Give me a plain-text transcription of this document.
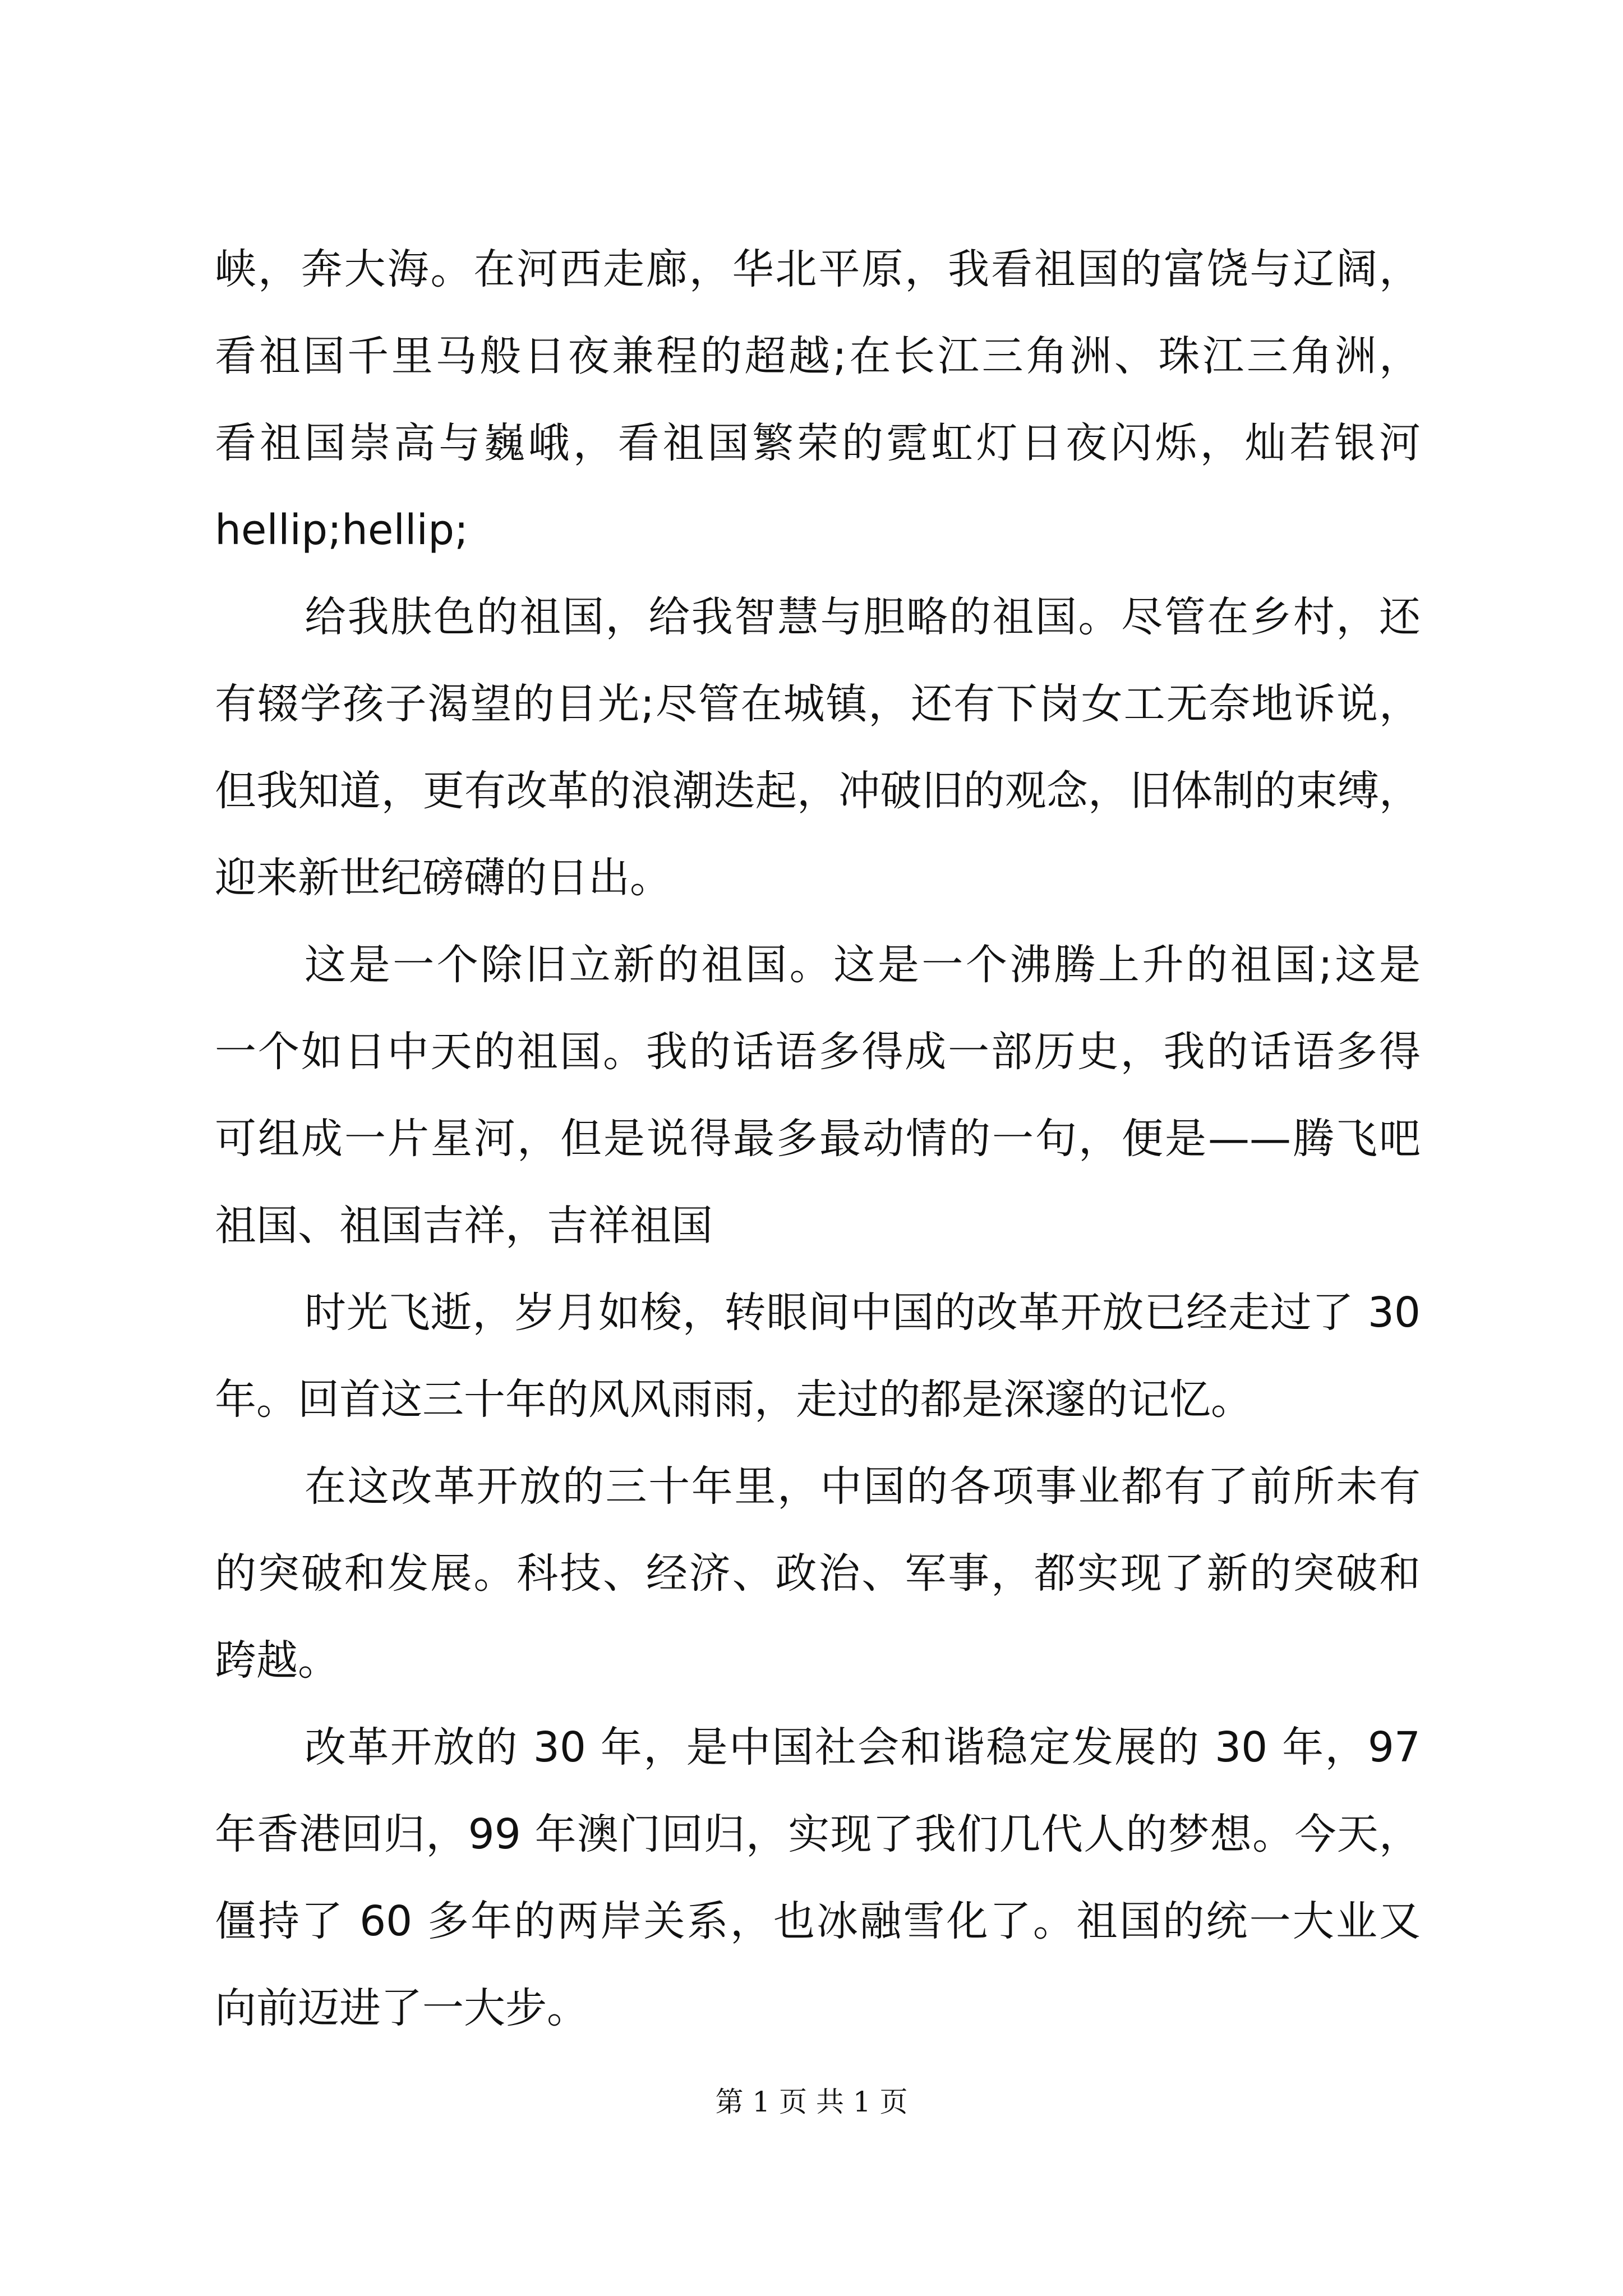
峡，奔大海。在河西走廊，华北平原，我看祖国的富饶与辽阔，
看祖国千里马般日夜兼程的超越;在长江三角洲、珠江三角洲，
看祖国崇高与巍峨，看祖国繁荣的霓虹灯日夜闪烁，灿若银河
hellip;hellip;
给我肤色的祖国，给我智慧与胆略的祖国。尽管在乡村，还
有辍学孩子渴望的目光;尽管在城镇，还有下岗女工无奈地诉说，
但我知道，更有改革的浪潮迭起，冲破旧的观念，旧体制的束缚，
迎来新世纪磅礴的日出。
这是一个除旧立新的祖国。这是一个沸腾上升的祖国;这是
一个如日中天的祖国。我的话语多得成一部历史，我的话语多得
可组成一片星河，但是说得最多最动情的一句，便是——腾飞吧
祖国、祖国吉祥，吉祥祖国
时光飞逝，岁月如梭，转眼间中国的改革开放已经走过了 30
年。回首这三十年的风风雨雨，走过的都是深邃的记忆。
在这改革开放的三十年里，中国的各项事业都有了前所未有
的突破和发展。科技、经济、政治、军事，都实现了新的突破和
跨越。
改革开放的 30 年，是中国社会和谐稳定发展的 30 年，97
年香港回归，99 年澳门回归，实现了我们几代人的梦想。今天，
僵持了 60 多年的两岸关系，也冰融雪化了。祖国的统一大业又
向前迈进了一大步。
第 1 页 共 1 页
